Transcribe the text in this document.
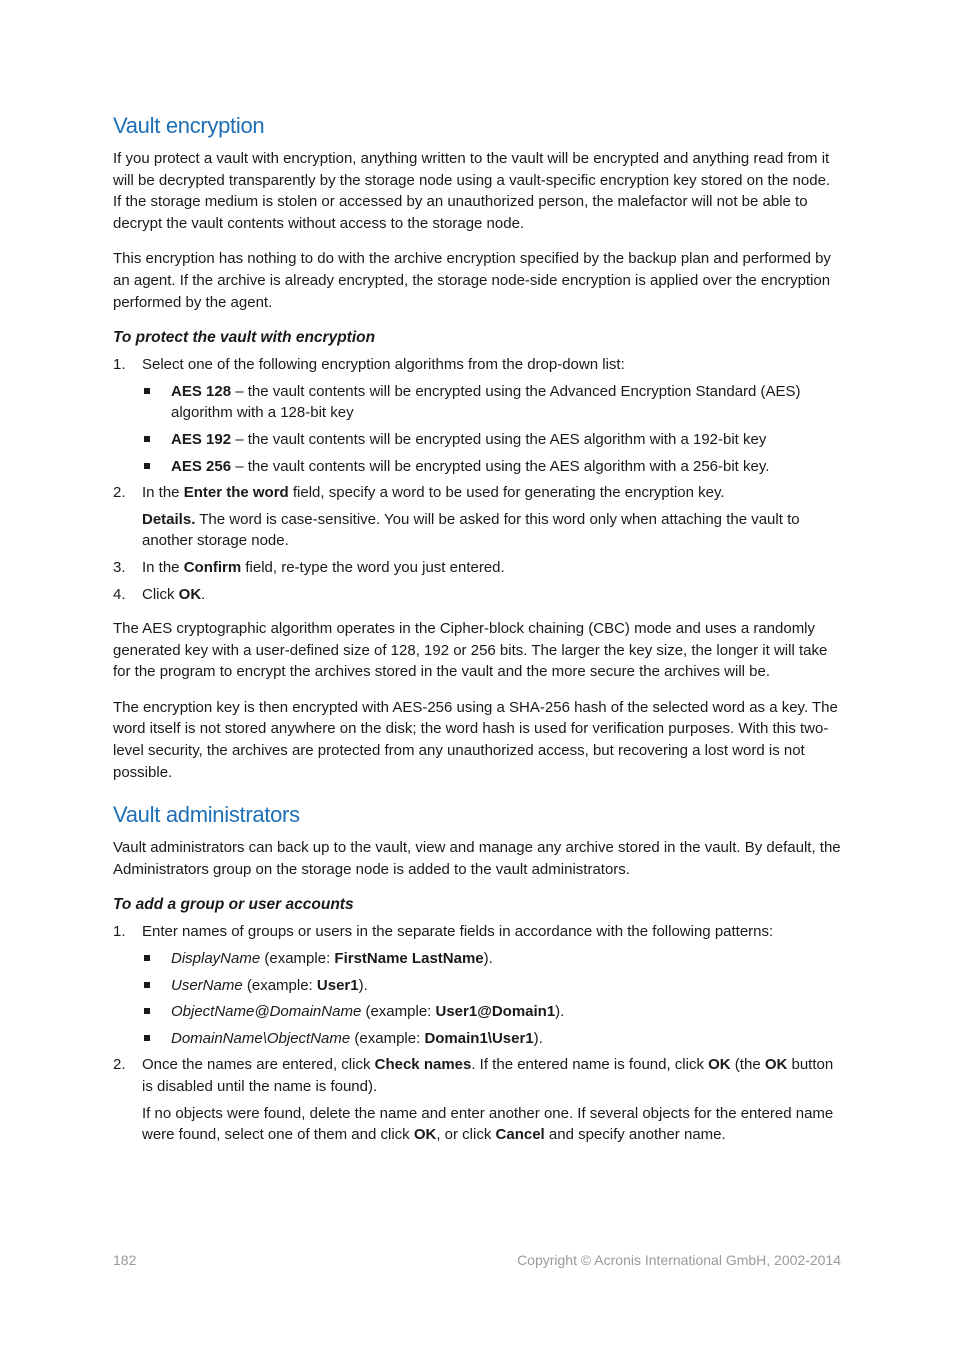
Vault encryption

If you protect a vault with encryption, anything written to the vault will be encrypted and anything read from it will be decrypted transparently by the storage node using a vault-specific encryption key stored on the node. If the storage medium is stolen or accessed by an unauthorized person, the malefactor will not be able to decrypt the vault contents without access to the storage node.

This encryption has nothing to do with the archive encryption specified by the backup plan and performed by an agent. If the archive is already encrypted, the storage node-side encryption is applied over the encryption performed by the agent.

To protect the vault with encryption
1. Select one of the following encryption algorithms from the drop-down list:
AES 128 – the vault contents will be encrypted using the Advanced Encryption Standard (AES) algorithm with a 128-bit key
AES 192 – the vault contents will be encrypted using the AES algorithm with a 192-bit key
AES 256 – the vault contents will be encrypted using the AES algorithm with a 256-bit key.
2. In the Enter the word field, specify a word to be used for generating the encryption key.
Details. The word is case-sensitive. You will be asked for this word only when attaching the vault to another storage node.
3. In the Confirm field, re-type the word you just entered.
4. Click OK.

The AES cryptographic algorithm operates in the Cipher-block chaining (CBC) mode and uses a randomly generated key with a user-defined size of 128, 192 or 256 bits. The larger the key size, the longer it will take for the program to encrypt the archives stored in the vault and the more secure the archives will be.

The encryption key is then encrypted with AES-256 using a SHA-256 hash of the selected word as a key. The word itself is not stored anywhere on the disk; the word hash is used for verification purposes. With this two-level security, the archives are protected from any unauthorized access, but recovering a lost word is not possible.

Vault administrators

Vault administrators can back up to the vault, view and manage any archive stored in the vault. By default, the Administrators group on the storage node is added to the vault administrators.

To add a group or user accounts
1. Enter names of groups or users in the separate fields in accordance with the following patterns:
DisplayName (example: FirstName LastName).
UserName (example: User1).
ObjectName@DomainName (example: User1@Domain1).
DomainName\ObjectName (example: Domain1\User1).
2. Once the names are entered, click Check names. If the entered name is found, click OK (the OK button is disabled until the name is found).
If no objects were found, delete the name and enter another one. If several objects for the entered name were found, select one of them and click OK, or click Cancel and specify another name.
182	Copyright © Acronis International GmbH, 2002-2014
